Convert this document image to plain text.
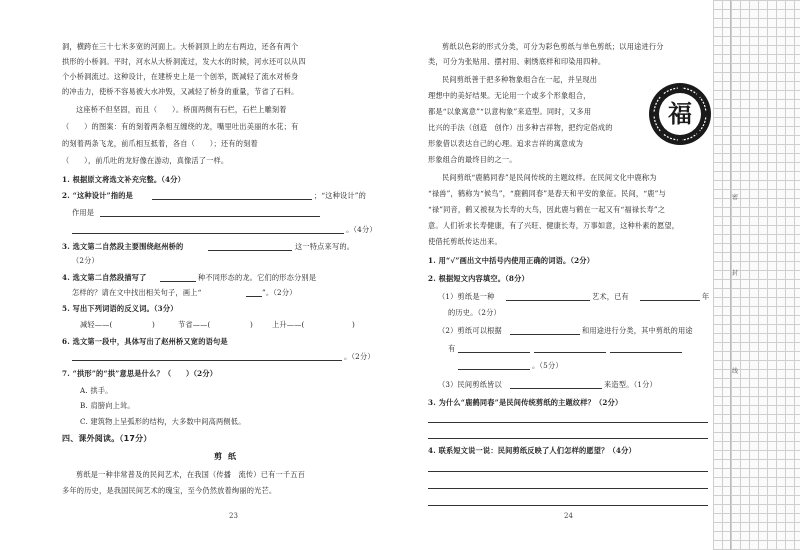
洞，横跨在三十七米多宽的河面上。大桥洞顶上的左右两边，还各有两个
拱形的小桥洞。平时，河水从大桥洞流过，发大水的时候，河水还可以从四
个小桥洞流过。这种设计，在建桥史上是一个创举，既减轻了流水对桥身
的冲击力，使桥不容易被大水冲毁，又减轻了桥身的重量，节省了石料。
这座桥不但坚固，而且（　　）。桥面两侧有石栏，石栏上雕刻着
（　　）的图案：有的刻着两条相互缠绕的龙，嘴里吐出美丽的水花；有
的刻着两条飞龙，前爪相互抵着，各自（　　）；还有的刻着
（　　），前爪吐的龙好像在游动，真像活了一样。
1. 根据原文将选文补充完整。（4分）
2. “这种设计”指的是	；“这种设计”的
作用是
。（4分）
3. 选文第二自然段主要围绕赵州桥的	这一特点来写的。
（2分）
4. 选文第二自然段描写了	种不同形态的龙。它们的形态分别是
怎样的？请在文中找出相关句子，画上“	”。（2分）
5. 写出下列词语的反义词。（3分）
减轻——(	)	节省——(	)	上升——(	)
6. 选文第一段中，具体写出了赵州桥又宽的语句是
。（2分）
7. “拱形”的“拱”意思是什么？（　　）（2分）
A. 拱手。
B. 肩膀向上耸。
C. 建筑物上呈弧形的结构，大多数中间高两侧低。
四、课外阅读。（17分）
剪纸
剪纸是一种非常普及的民间艺术，在我国（传播　流传）已有一千五百
多年的历史，是我国民间艺术的瑰宝，至今仍然放着绚丽的光芒。
23
剪纸以色彩的形式分类，可分为彩色剪纸与单色剪纸；以用途进行分
类，可分为张贴用、摆衬用、刺绣底样和印染用四种。
民间剪纸善于把多种物象组合在一起，并呈现出
理想中的美好结果。无论用一个或多个形象组合，
都是“以象寓意”“以意构象”来造型。同时，又多用
比兴的手法（创造　创作）出多种吉祥物，把约定俗成的
形象借以表达自己的心理。追求吉祥的寓意成为
形象组合的最终目的之一。
民间剪纸“鹿鹤同春”是民间传统的主题纹样。在民间文化中鹿称为
“禄兽”，鹤称为“候鸟”，“鹿鹤同春”是春天和平安的象征。民间，“鹿”与
“禄”同音，鹤又被视为长寿的大鸟，因此鹿与鹤在一起又有“福禄长寿”之
意。人们祈求长寿健康，有了兴旺、健康长寿，万事如意，这种朴素的愿望，
使借托剪纸传达出来。
1. 用“√”画出文中括号内使用正确的词语。（2分）
2. 根据短文内容填空。（8分）
（1）剪纸是一种	艺术，已有	年
的历史。（2分）
（2）剪纸可以根据	和用途进行分类，其中剪纸的用途
有
。（5分）
（3）民间剪纸皆以	来造型。（1分）
3. 为什么“鹿鹤同春”是民间传统剪纸的主题纹样？（2分）
4. 联系短文说一说：民间剪纸反映了人们怎样的愿望？（4分）
24
福
密
封
线
